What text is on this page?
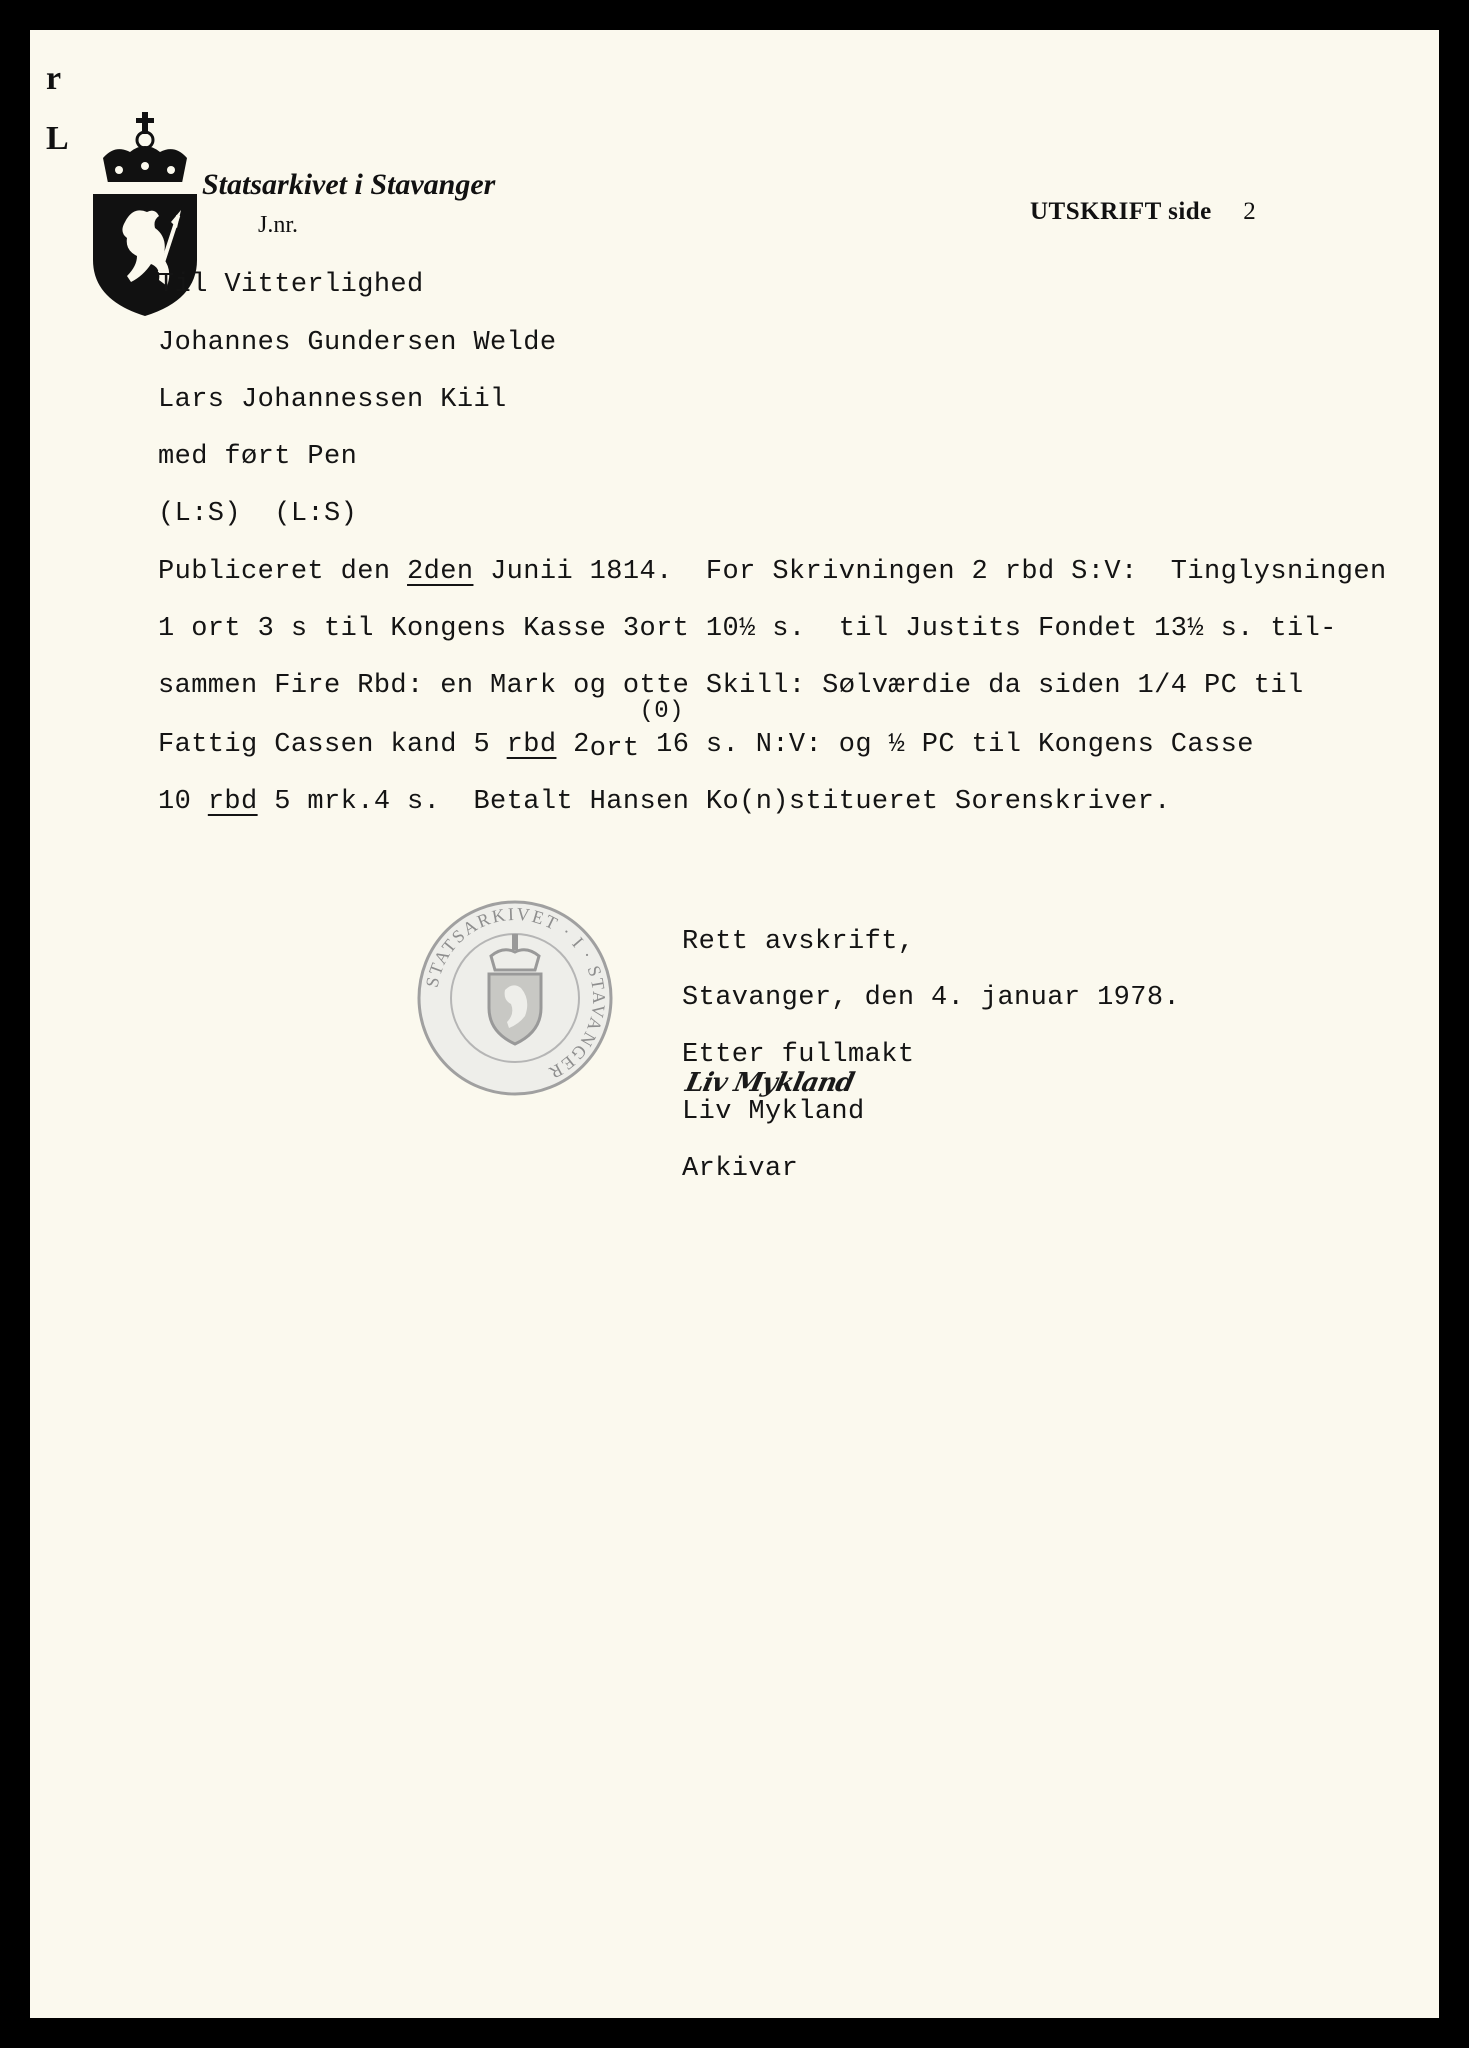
r
L
Statsarkivet i Stavanger
J.nr.	UTSKRIFT side 2
Til Vitterlighed
Johannes Gundersen Welde
Lars Johannessen Kiil
med ført Pen
(L:S)  (L:S)
Publiceret den 2den Junii 1814.  For Skrivningen 2 rbd S:V:  Tinglysningen
1 ort 3 s til Kongens Kasse 3ort 10½ s.  til Justits Fondet 13½ s. til-
sammen Fire Rbd: en Mark og otte Skill: Sølværdie da siden 1/4 PC til
Fattig Cassen kand 5 rbd 2ort
(0)
16 s. N:V: og ½ PC til Kongens Casse
10 rbd 5 mrk.4 s.  Betalt Hansen Ko(n)stitueret Sorenskriver.
STATSARKIVET · I · STAVANGER
Rett avskrift,
Stavanger, den 4. januar 1978.
Etter fullmakt
Liv Mykland
Liv Mykland
Arkivar
